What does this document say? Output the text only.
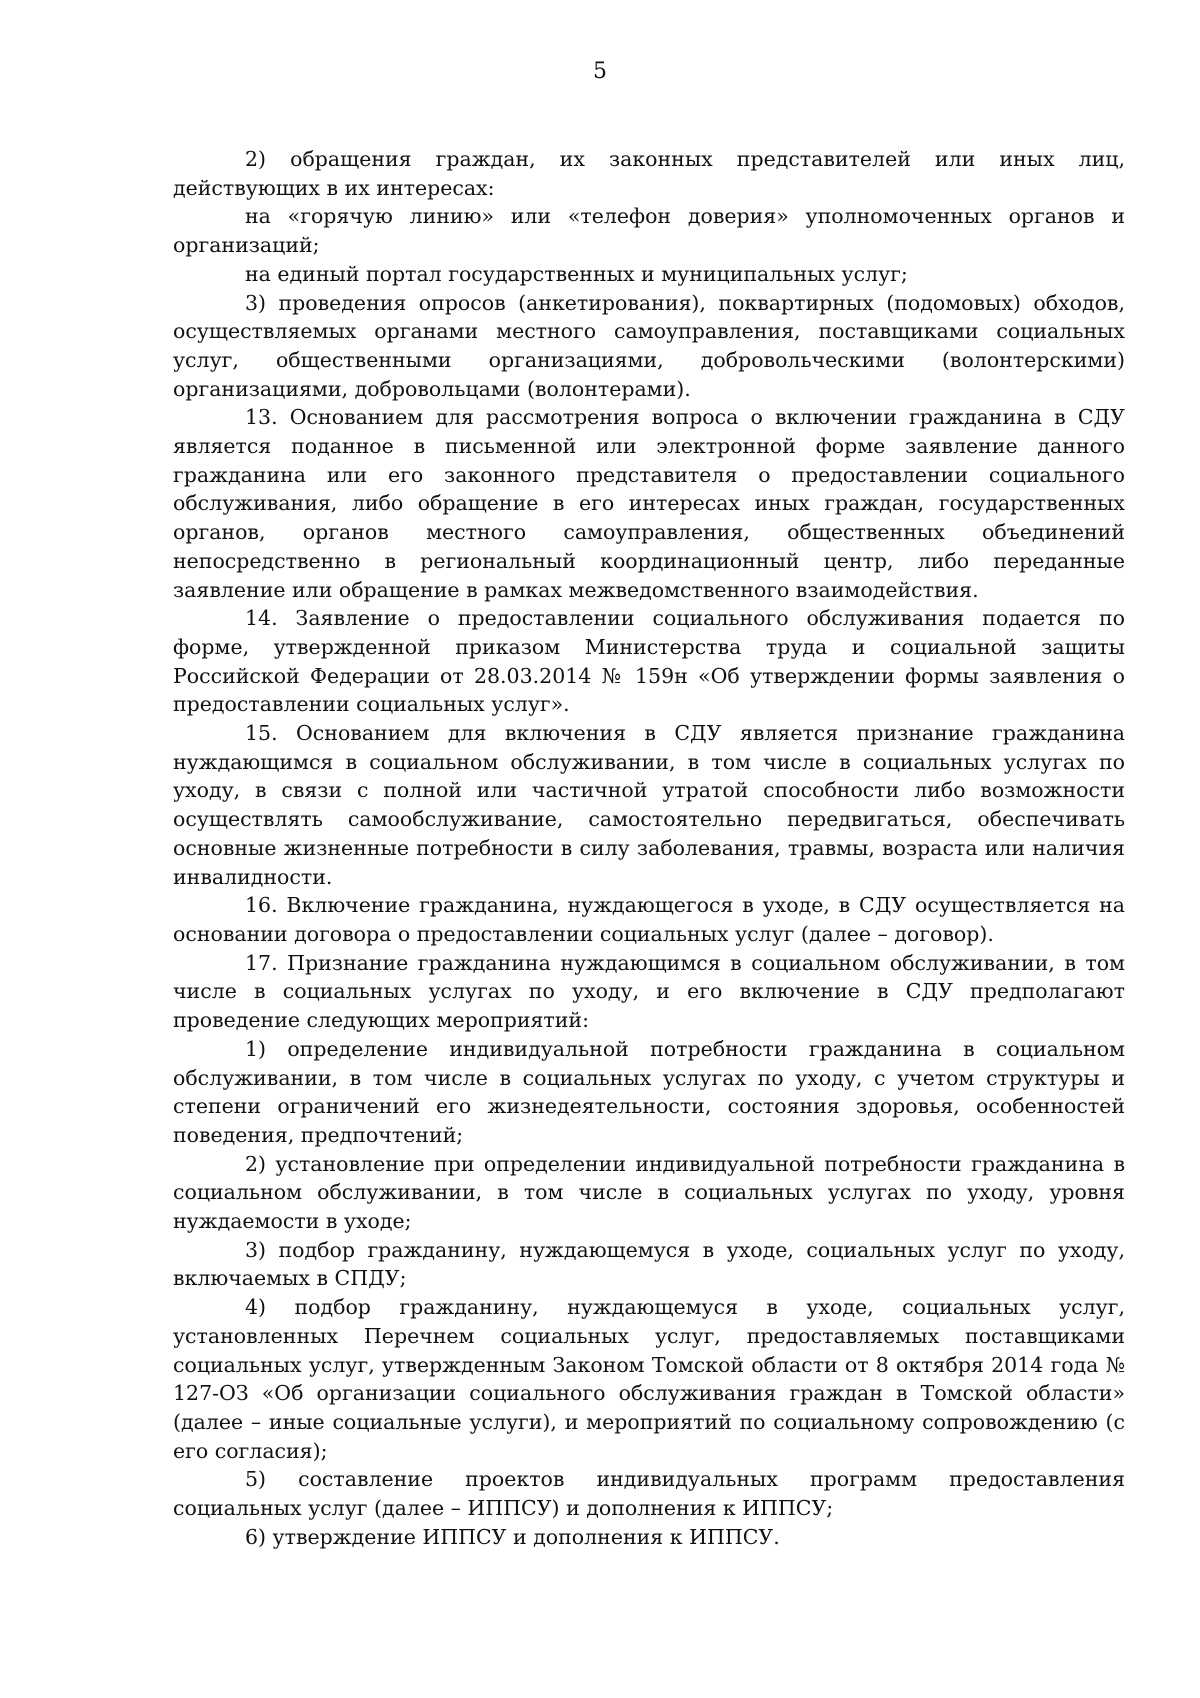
5

2) обращения граждан, их законных представителей или иных лиц, действующих в их интересах:

на «горячую линию» или «телефон доверия» уполномоченных органов и организаций;

на единый портал государственных и муниципальных услуг;

3) проведения опросов (анкетирования), поквартирных (подомовых) обходов, осуществляемых органами местного самоуправления, поставщиками социальных услуг, общественными организациями, добровольческими (волонтерскими) организациями, добровольцами (волонтерами).

13. Основанием для рассмотрения вопроса о включении гражданина в СДУ является поданное в письменной или электронной форме заявление данного гражданина или его законного представителя о предоставлении социального обслуживания, либо обращение в его интересах иных граждан, государственных органов, органов местного самоуправления, общественных объединений непосредственно в региональный координационный центр, либо переданные заявление или обращение в рамках межведомственного взаимодействия.

14. Заявление о предоставлении социального обслуживания подается по форме, утвержденной приказом Министерства труда и социальной защиты Российской Федерации от 28.03.2014 № 159н «Об утверждении формы заявления о предоставлении социальных услуг».

15. Основанием для включения в СДУ является признание гражданина нуждающимся в социальном обслуживании, в том числе в социальных услугах по уходу, в связи с полной или частичной утратой способности либо возможности осуществлять самообслуживание, самостоятельно передвигаться, обеспечивать основные жизненные потребности в силу заболевания, травмы, возраста или наличия инвалидности.

16. Включение гражданина, нуждающегося в уходе, в СДУ осуществляется на основании договора о предоставлении социальных услуг (далее – договор).

17. Признание гражданина нуждающимся в социальном обслуживании, в том числе в социальных услугах по уходу, и его включение в СДУ предполагают проведение следующих мероприятий:

1) определение индивидуальной потребности гражданина в социальном обслуживании, в том числе в социальных услугах по уходу, с учетом структуры и степени ограничений его жизнедеятельности, состояния здоровья, особенностей поведения, предпочтений;

2) установление при определении индивидуальной потребности гражданина в социальном обслуживании, в том числе в социальных услугах по уходу, уровня нуждаемости в уходе;

3) подбор гражданину, нуждающемуся в уходе, социальных услуг по уходу, включаемых в СПДУ;

4) подбор гражданину, нуждающемуся в уходе, социальных услуг, установленных Перечнем социальных услуг, предоставляемых поставщиками социальных услуг, утвержденным Законом Томской области от 8 октября 2014 года № 127-ОЗ «Об организации социального обслуживания граждан в Томской области» (далее – иные социальные услуги), и мероприятий по социальному сопровождению (с его согласия);

5) составление проектов индивидуальных программ предоставления социальных услуг (далее – ИППСУ) и дополнения к ИППСУ;

6) утверждение ИППСУ и дополнения к ИППСУ.
